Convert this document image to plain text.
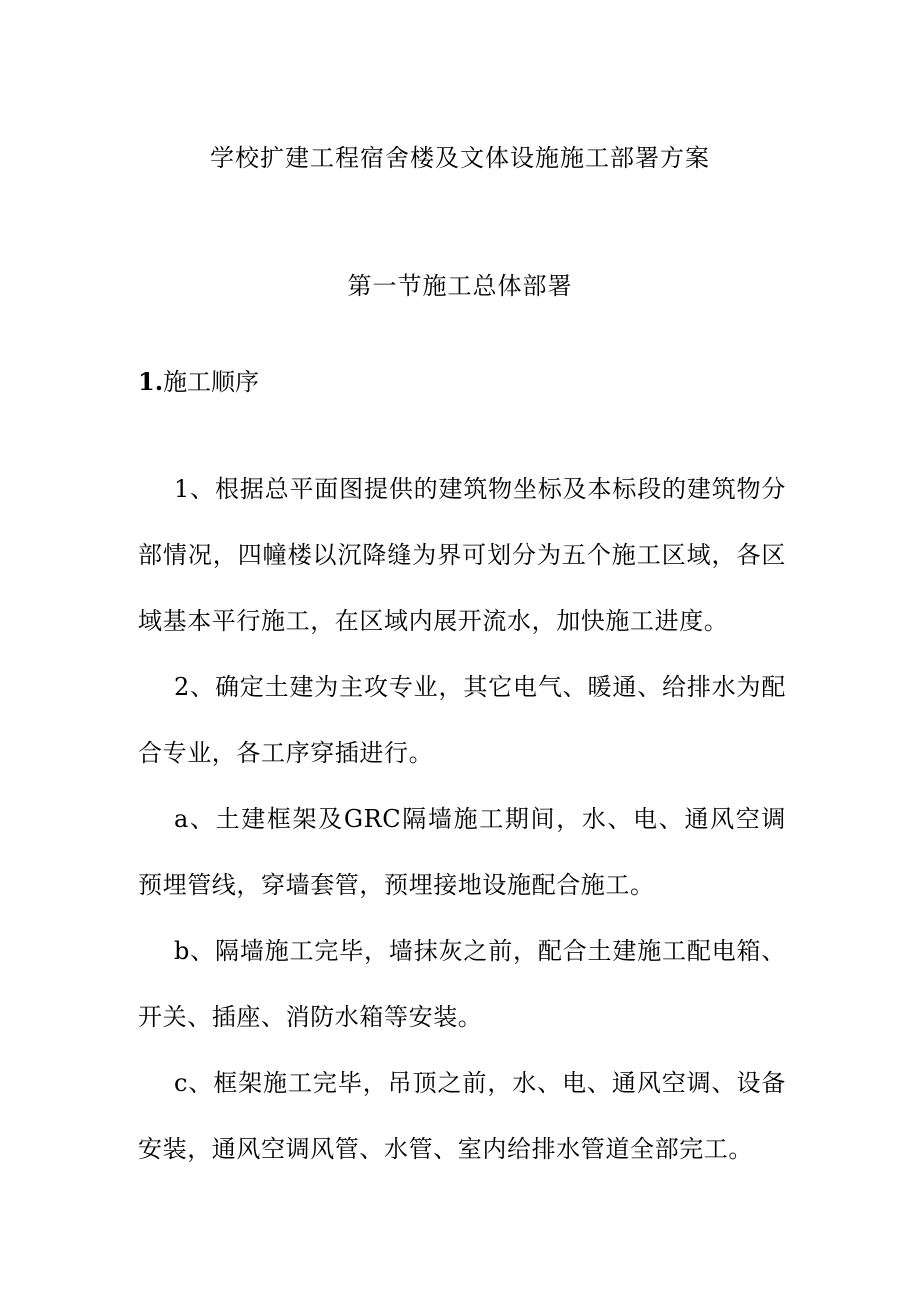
学校扩建工程宿舍楼及文体设施施工部署方案
第一节施工总体部署
1.施工顺序

1、根据总平面图提供的建筑物坐标及本标段的建筑物分部情况，四幢楼以沉降缝为界可划分为五个施工区域，各区域基本平行施工，在区域内展开流水，加快施工进度。

2、确定土建为主攻专业，其它电气、暖通、给排水为配合专业，各工序穿插进行。

a、土建框架及GRC隔墙施工期间，水、电、通风空调预埋管线，穿墙套管，预埋接地设施配合施工。

b、隔墙施工完毕，墙抹灰之前，配合土建施工配电箱、开关、插座、消防水箱等安装。

c、框架施工完毕，吊顶之前，水、电、通风空调、设备安装，通风空调风管、水管、室内给排水管道全部完工。
